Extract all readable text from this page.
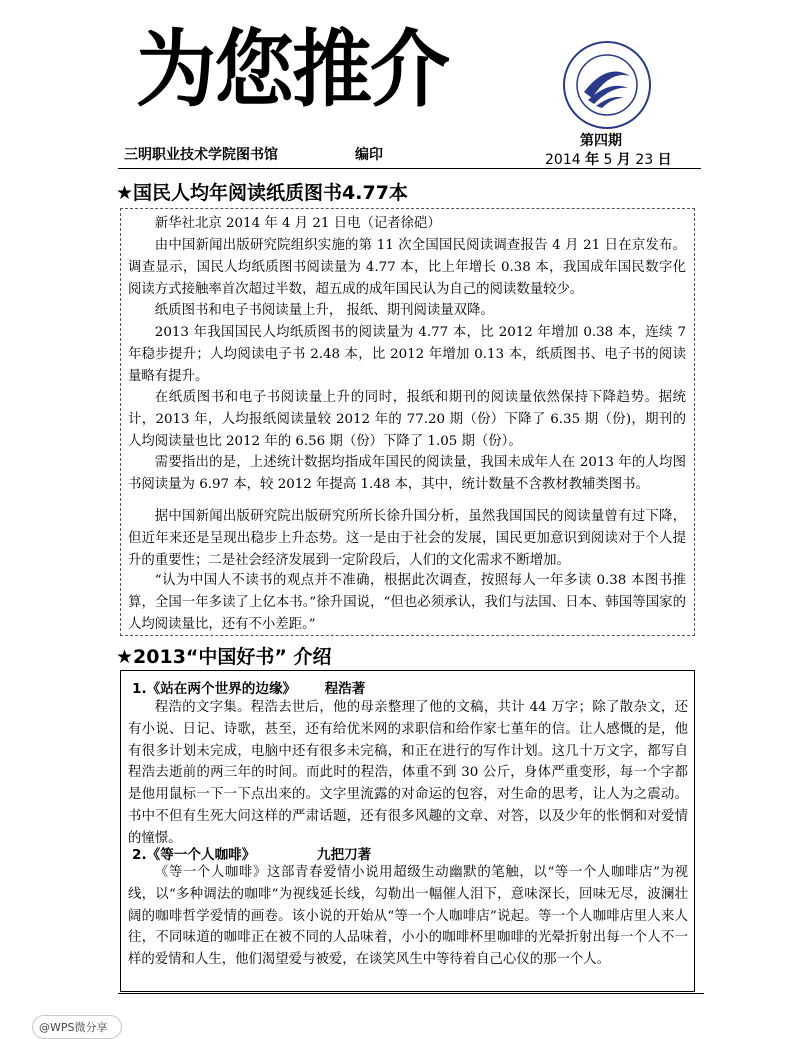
为您推介
第四期
三明职业技术学院图书馆	编印	2014 年 5 月 23 日
★国民人均年阅读纸质图书4.77本

新华社北京 2014 年 4 月 21 日电（记者徐硙）

由中国新闻出版研究院组织实施的第 11 次全国国民阅读调查报告 4 月 21 日在京发布。调查显示，国民人均纸质图书阅读量为 4.77 本，比上年增长 0.38 本，我国成年国民数字化阅读方式接触率首次超过半数，超五成的成年国民认为自己的阅读数量较少。

纸质图书和电子书阅读量上升， 报纸、期刊阅读量双降。

2013 年我国国民人均纸质图书的阅读量为 4.77 本，比 2012 年增加 0.38 本，连续 7 年稳步提升；人均阅读电子书 2.48 本，比 2012 年增加 0.13 本，纸质图书、电子书的阅读量略有提升。

在纸质图书和电子书阅读量上升的同时，报纸和期刊的阅读量依然保持下降趋势。据统计，2013 年，人均报纸阅读量较 2012 年的 77.20 期（份）下降了 6.35 期（份)，期刊的人均阅读量也比 2012 年的 6.56 期（份）下降了 1.05 期（份）。

需要指出的是，上述统计数据均指成年国民的阅读量，我国未成年人在 2013 年的人均图书阅读量为 6.97 本，较 2012 年提高 1.48 本，其中，统计数量不含教材教辅类图书。

据中国新闻出版研究院出版研究所所长徐升国分析，虽然我国国民的阅读量曾有过下降，但近年来还是呈现出稳步上升态势。这一是由于社会的发展，国民更加意识到阅读对于个人提升的重要性；二是社会经济发展到一定阶段后，人们的文化需求不断增加。

“认为中国人不读书的观点并不准确，根据此次调查，按照每人一年多读 0.38 本图书推算，全国一年多读了上亿本书。”徐升国说，“但也必须承认，我们与法国、日本、韩国等国家的人均阅读量比，还有不小差距。”

★2013“中国好书” 介绍
1.《站在两个世界的边缘》 程浩著

程浩的文字集。程浩去世后，他的母亲整理了他的文稿，共计 44 万字；除了散杂文，还有小说、日记、诗歌，甚至，还有给优米网的求职信和给作家七堇年的信。让人感慨的是，他有很多计划未完成，电脑中还有很多未完稿，和正在进行的写作计划。这几十万文字，都写自程浩去逝前的两三年的时间。而此时的程浩，体重不到 30 公斤，身体严重变形，每一个字都是他用鼠标一下一下点出来的。文字里流露的对命运的包容，对生命的思考，让人为之震动。书中不但有生死大问这样的严肃话题，还有很多风趣的文章、对答，以及少年的怅惘和对爱情的憧憬。

2.《等一个人咖啡》	九把刀著

《等一个人咖啡》这部青春爱情小说用超级生动幽默的笔触，以“等一个人咖啡店”为视线，以“多种调法的咖啡”为视线延长线，勾勒出一幅催人泪下，意味深长，回味无尽，波澜壮阔的咖啡哲学爱情的画卷。该小说的开始从“等一个人咖啡店”说起。等一个人咖啡店里人来人往，不同味道的咖啡正在被不同的人品味着，小小的咖啡杯里咖啡的光晕折射出每一个人不一样的爱情和人生，他们渴望爱与被爱，在谈笑风生中等待着自己心仪的那一个人。

@WPS微分享
